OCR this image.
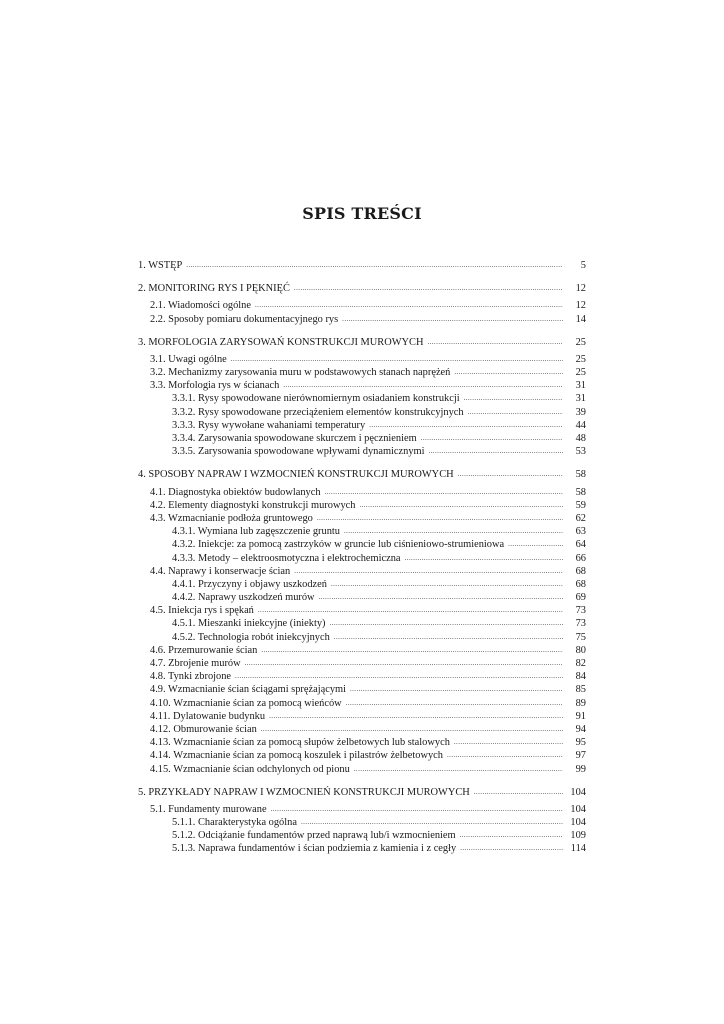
SPIS TREŚCI
1. WSTĘP .....	5
2. MONITORING RYS I PĘKNIĘĆ .....	12
2.1. Wiadomości ogólne .....	12
2.2. Sposoby pomiaru dokumentacyjnego rys .....	14
3. MORFOLOGIA ZARYSOWAŃ KONSTRUKCJI MUROWYCH .....	25
3.1. Uwagi ogólne .....	25
3.2. Mechanizmy zarysowania muru w podstawowych stanach naprężeń .....	25
3.3. Morfologia rys w ścianach .....	31
3.3.1. Rysy spowodowane nierównomiernym osiadaniem konstrukcji .....	31
3.3.2. Rysy spowodowane przeciążeniem elementów konstrukcyjnych .....	39
3.3.3. Rysy wywołane wahaniami temperatury .....	44
3.3.4. Zarysowania spowodowane skurczem i pęcznieniem .....	48
3.3.5. Zarysowania spowodowane wpływami dynamicznymi .....	53
4. SPOSOBY NAPRAW I WZMOCNIEŃ KONSTRUKCJI MUROWYCH .....	58
4.1. Diagnostyka obiektów budowlanych .....	58
4.2. Elementy diagnostyki konstrukcji murowych .....	59
4.3. Wzmacnianie podłoża gruntowego .....	62
4.3.1. Wymiana lub zagęszczenie gruntu .....	63
4.3.2. Iniekcje: za pomocą zastrzyków w gruncie lub ciśnieniowo-strumieniowa .....	64
4.3.3. Metody – elektroosmotyczna i elektrochemiczna .....	66
4.4. Naprawy i konserwacje ścian .....	68
4.4.1. Przyczyny i objawy uszkodzeń .....	68
4.4.2. Naprawy uszkodzeń murów .....	69
4.5. Iniekcja rys i spękań .....	73
4.5.1. Mieszanki iniekcyjne (iniekty) .....	73
4.5.2. Technologia robót iniekcyjnych .....	75
4.6. Przemurowanie ścian .....	80
4.7. Zbrojenie murów .....	82
4.8. Tynki zbrojone .....	84
4.9. Wzmacnianie ścian ściągami sprężającymi .....	85
4.10. Wzmacnianie ścian za pomocą wieńców .....	89
4.11. Dylatowanie budynku .....	91
4.12. Obmurowanie ścian .....	94
4.13. Wzmacnianie ścian za pomocą słupów żelbetowych lub stalowych .....	95
4.14. Wzmacnianie ścian za pomocą koszulek i pilastrów żelbetowych .....	97
4.15. Wzmacnianie ścian odchylonych od pionu .....	99
5. PRZYKŁADY NAPRAW I WZMOCNIEŃ KONSTRUKCJI MUROWYCH .....	104
5.1. Fundamenty murowane .....	104
5.1.1. Charakterystyka ogólna .....	104
5.1.2. Odciążanie fundamentów przed naprawą lub/i wzmocnieniem .....	109
5.1.3. Naprawa fundamentów i ścian podziemia z kamienia i z cegły .....	114
